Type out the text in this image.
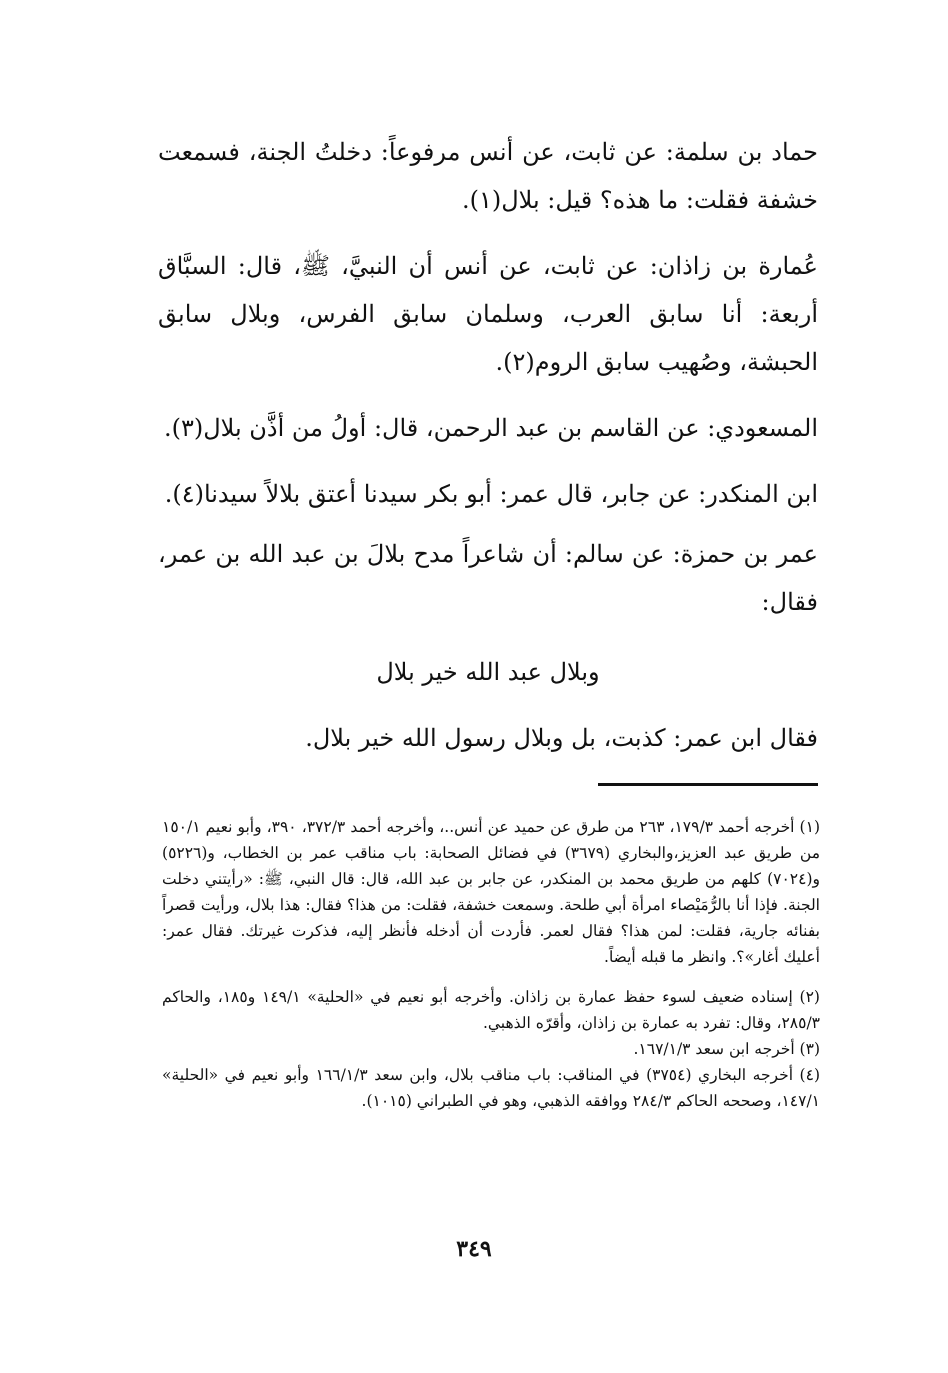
حماد بن سلمة: عن ثابت، عن أنس مرفوعاً: دخلتُ الجنة، فسمعت خشفة فقلت: ما هذه؟ قيل: بلال(١).

عُمارة بن زاذان: عن ثابت، عن أنس أن النبيَّ، ﷺ، قال: السبَّاق أربعة: أنا سابق العرب، وسلمان سابق الفرس، وبلال سابق الحبشة، وصُهيب سابق الروم(٢).

المسعودي: عن القاسم بن عبد الرحمن، قال: أولُ من أذَّن بلال(٣).

ابن المنكدر: عن جابر، قال عمر: أبو بكر سيدنا أعتق بلالاً سيدنا(٤).

عمر بن حمزة: عن سالم: أن شاعراً مدح بلالَ بن عبد الله بن عمر، فقال:

وبلال عبد الله خير بلال

فقال ابن عمر: كذبت، بل وبلال رسول الله خير بلال.

(١) أخرجه أحمد ١٧٩/٣، ٢٦٣ من طرق عن حميد عن أنس..، وأخرجه أحمد ٣٧٢/٣، ٣٩٠، وأبو نعيم ١٥٠/١ من طريق عبد العزيز،والبخاري (٣٦٧٩) في فضائل الصحابة: باب مناقب عمر بن الخطاب، و(٥٢٢٦) و(٧٠٢٤) كلهم من طريق محمد بن المنكدر، عن جابر بن عبد الله، قال: قال النبي، ﷺ: «رأيتني دخلت الجنة. فإذا أنا بالرُّمَيْصاء امرأة أبي طلحة. وسمعت خشفة، فقلت: من هذا؟ فقال: هذا بلال، ورأيت قصراً بفنائه جارية، فقلت: لمن هذا؟ فقال لعمر. فأردت أن أدخله فأنظر إليه، فذكرت غيرتك. فقال عمر: أعليك أغار»؟. وانظر ما قبله أيضاً.

(٢) إسناده ضعيف لسوء حفظ عمارة بن زاذان. وأخرجه أبو نعيم في «الحلية» ١٤٩/١ و١٨٥، والحاكم ٢٨٥/٣، وقال: تفرد به عمارة بن زاذان، وأقرّه الذهبي.

(٣) أخرجه ابن سعد ١٦٧/١/٣.

(٤) أخرجه البخاري (٣٧٥٤) في المناقب: باب مناقب بلال، وابن سعد ١٦٦/١/٣ وأبو نعيم في «الحلية» ١٤٧/١، وصححه الحاكم ٢٨٤/٣ ووافقه الذهبي، وهو في الطبراني (١٠١٥).

٣٤٩
